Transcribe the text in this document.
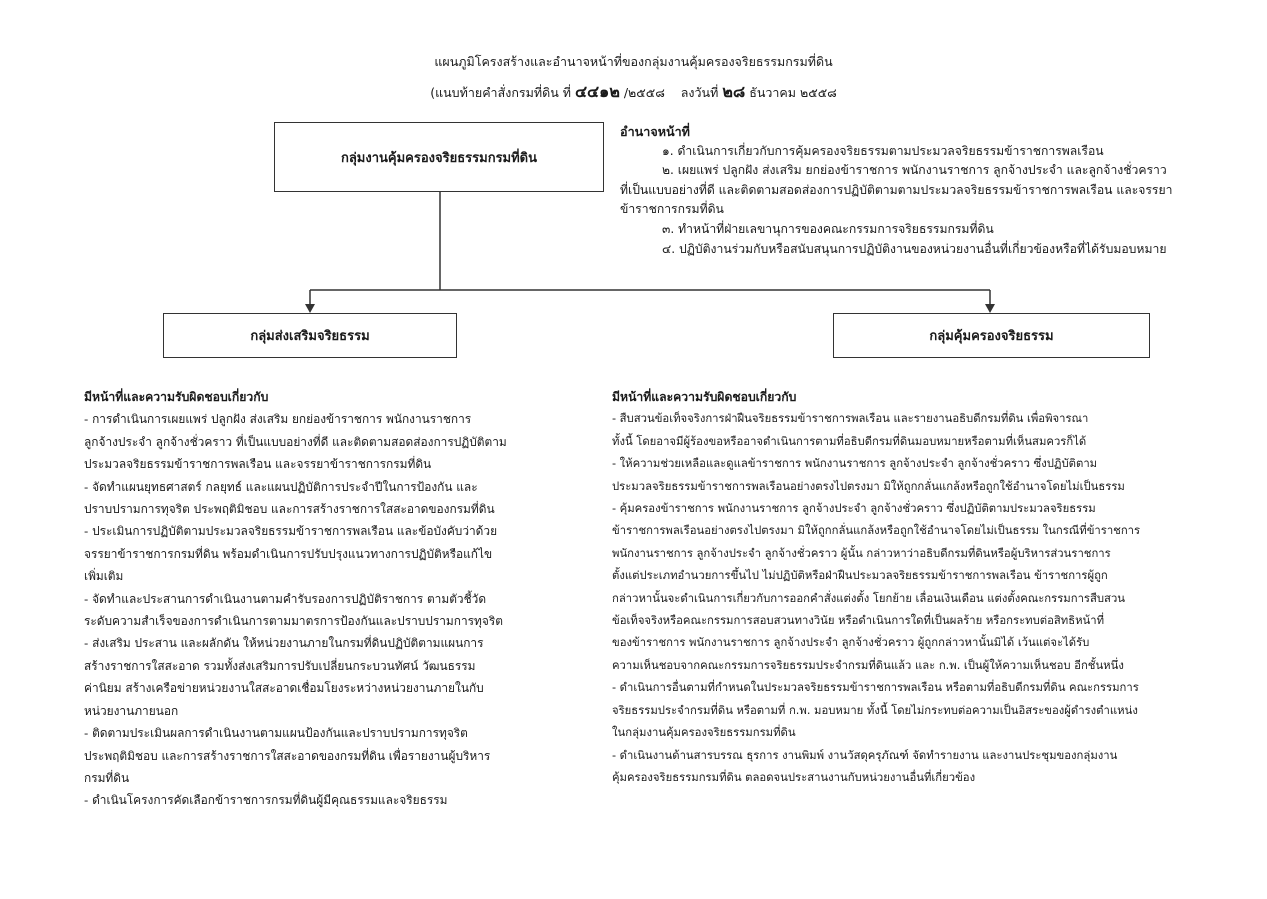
แผนภูมิโครงสร้างและอำนาจหน้าที่ของกลุ่มงานคุ้มครองจริยธรรมกรมที่ดิน
(แนบท้ายคำสั่งกรมที่ดิน ที่ ๔๔๑๒ /๒๕๕๘ ลงวันที่ ๒๘ ธันวาคม ๒๕๕๘
กลุ่มงานคุ้มครองจริยธรรมกรมที่ดิน
อำนาจหน้าที่
๑. ดำเนินการเกี่ยวกับการคุ้มครองจริยธรรมตามประมวลจริยธรรมข้าราชการพลเรือน
๒. เผยแพร่ ปลูกฝัง ส่งเสริม ยกย่องข้าราชการ พนักงานราชการ ลูกจ้างประจำ และลูกจ้างชั่วคราว
ที่เป็นแบบอย่างที่ดี และติดตามสอดส่องการปฏิบัติตามตามประมวลจริยธรรมข้าราชการพลเรือน และจรรยา
ข้าราชการกรมที่ดิน
๓. ทำหน้าที่ฝ่ายเลขานุการของคณะกรรมการจริยธรรมกรมที่ดิน
๔. ปฏิบัติงานร่วมกับหรือสนับสนุนการปฏิบัติงานของหน่วยงานอื่นที่เกี่ยวข้องหรือที่ได้รับมอบหมาย
กลุ่มส่งเสริมจริยธรรม	กลุ่มคุ้มครองจริยธรรม
มีหน้าที่และความรับผิดชอบเกี่ยวกับ
- การดำเนินการเผยแพร่ ปลูกฝัง ส่งเสริม ยกย่องข้าราชการ พนักงานราชการ
ลูกจ้างประจำ ลูกจ้างชั่วคราว ที่เป็นแบบอย่างที่ดี และติดตามสอดส่องการปฏิบัติตาม
ประมวลจริยธรรมข้าราชการพลเรือน และจรรยาข้าราชการกรมที่ดิน
- จัดทำแผนยุทธศาสตร์ กลยุทธ์ และแผนปฏิบัติการประจำปีในการป้องกัน และ
ปราบปรามการทุจริต ประพฤติมิชอบ และการสร้างราชการใสสะอาดของกรมที่ดิน
- ประเมินการปฏิบัติตามประมวลจริยธรรมข้าราชการพลเรือน และข้อบังคับว่าด้วย
จรรยาข้าราชการกรมที่ดิน พร้อมดำเนินการปรับปรุงแนวทางการปฏิบัติหรือแก้ไข
เพิ่มเติม
- จัดทำและประสานการดำเนินงานตามคำรับรองการปฏิบัติราชการ ตามตัวชี้วัด
ระดับความสำเร็จของการดำเนินการตามมาตรการป้องกันและปราบปรามการทุจริต
- ส่งเสริม ประสาน และผลักดัน ให้หน่วยงานภายในกรมที่ดินปฏิบัติตามแผนการ
สร้างราชการใสสะอาด รวมทั้งส่งเสริมการปรับเปลี่ยนกระบวนทัศน์ วัฒนธรรม
ค่านิยม สร้างเครือข่ายหน่วยงานใสสะอาดเชื่อมโยงระหว่างหน่วยงานภายในกับ
หน่วยงานภายนอก
- ติดตามประเมินผลการดำเนินงานตามแผนป้องกันและปราบปรามการทุจริต
ประพฤติมิชอบ และการสร้างราชการใสสะอาดของกรมที่ดิน เพื่อรายงานผู้บริหาร
กรมที่ดิน
- ดำเนินโครงการคัดเลือกข้าราชการกรมที่ดินผู้มีคุณธรรมและจริยธรรม
มีหน้าที่และความรับผิดชอบเกี่ยวกับ
- สืบสวนข้อเท็จจริงการฝ่าฝืนจริยธรรมข้าราชการพลเรือน และรายงานอธิบดีกรมที่ดิน เพื่อพิจารณา
ทั้งนี้ โดยอาจมีผู้ร้องขอหรืออาจดำเนินการตามที่อธิบดีกรมที่ดินมอบหมายหรือตามที่เห็นสมควรก็ได้
- ให้ความช่วยเหลือและดูแลข้าราชการ พนักงานราชการ ลูกจ้างประจำ ลูกจ้างชั่วคราว ซึ่งปฏิบัติตาม
ประมวลจริยธรรมข้าราชการพลเรือนอย่างตรงไปตรงมา มิให้ถูกกลั่นแกล้งหรือถูกใช้อำนาจโดยไม่เป็นธรรม
- คุ้มครองข้าราชการ พนักงานราชการ ลูกจ้างประจำ ลูกจ้างชั่วคราว ซึ่งปฏิบัติตามประมวลจริยธรรม
ข้าราชการพลเรือนอย่างตรงไปตรงมา มิให้ถูกกลั่นแกล้งหรือถูกใช้อำนาจโดยไม่เป็นธรรม ในกรณีที่ข้าราชการ
พนักงานราชการ ลูกจ้างประจำ ลูกจ้างชั่วคราว ผู้นั้น กล่าวหาว่าอธิบดีกรมที่ดินหรือผู้บริหารส่วนราชการ
ตั้งแต่ประเภทอำนวยการขึ้นไป ไม่ปฏิบัติหรือฝ่าฝืนประมวลจริยธรรมข้าราชการพลเรือน ข้าราชการผู้ถูก
กล่าวหานั้นจะดำเนินการเกี่ยวกับการออกคำสั่งแต่งตั้ง โยกย้าย เลื่อนเงินเดือน แต่งตั้งคณะกรรมการสืบสวน
ข้อเท็จจริงหรือคณะกรรมการสอบสวนทางวินัย หรือดำเนินการใดที่เป็นผลร้าย หรือกระทบต่อสิทธิหน้าที่
ของข้าราชการ พนักงานราชการ ลูกจ้างประจำ ลูกจ้างชั่วคราว ผู้ถูกกล่าวหานั้นมิได้ เว้นแต่จะได้รับ
ความเห็นชอบจากคณะกรรมการจริยธรรมประจำกรมที่ดินแล้ว และ ก.พ. เป็นผู้ให้ความเห็นชอบ อีกชั้นหนึ่ง
- ดำเนินการอื่นตามที่กำหนดในประมวลจริยธรรมข้าราชการพลเรือน หรือตามที่อธิบดีกรมที่ดิน คณะกรรมการ
จริยธรรมประจำกรมที่ดิน หรือตามที่ ก.พ. มอบหมาย ทั้งนี้ โดยไม่กระทบต่อความเป็นอิสระของผู้ดำรงตำแหน่ง
ในกลุ่มงานคุ้มครองจริยธรรมกรมที่ดิน
- ดำเนินงานด้านสารบรรณ ธุรการ งานพิมพ์ งานวัสดุครุภัณฑ์ จัดทำรายงาน และงานประชุมของกลุ่มงาน
คุ้มครองจริยธรรมกรมที่ดิน ตลอดจนประสานงานกับหน่วยงานอื่นที่เกี่ยวข้อง
